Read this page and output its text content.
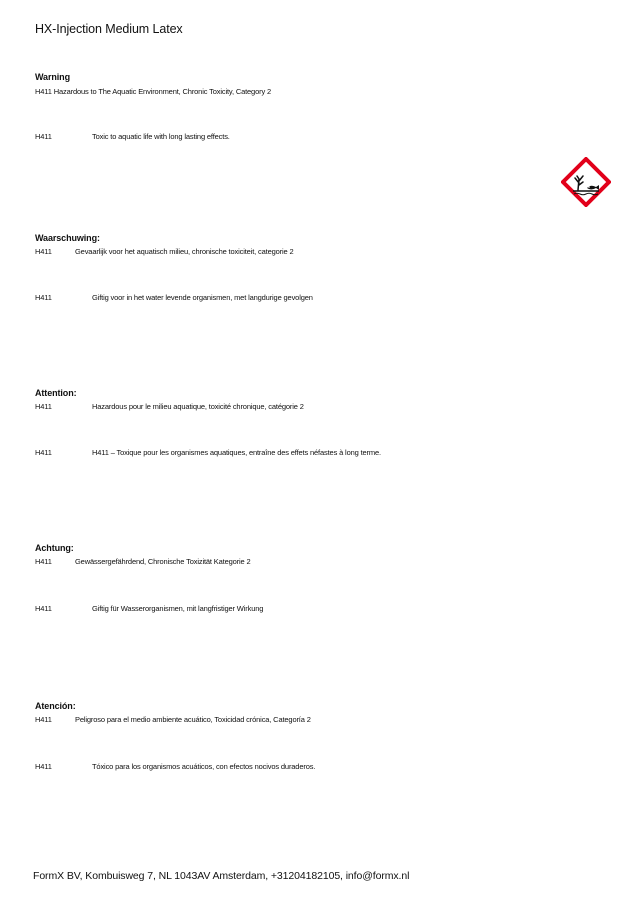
HX-Injection Medium Latex
Warning
H411 Hazardous to The Aquatic Environment, Chronic Toxicity, Category 2
H411	Toxic to aquatic life with long lasting effects.
Waarschuwing:
H411	Gevaarlijk voor het aquatisch milieu, chronische toxiciteit, categorie 2
H411	Giftig voor in het water levende organismen, met langdurige gevolgen
Attention:
H411	Hazardous pour le milieu aquatique, toxicité chronique, catégorie 2
H411	H411 – Toxique pour les organismes aquatiques, entraîne des effets néfastes à long terme.
Achtung:
H411	Gewässergefährdend, Chronische Toxizität Kategorie 2
H411	Giftig für Wasserorganismen, mit langfristiger Wirkung
Atención:
H411	Peligroso para el medio ambiente acuático, Toxicidad crónica, Categoría 2
H411	Tóxico para los organismos acuáticos, con efectos nocivos duraderos.
FormX BV, Kombuisweg 7, NL 1043AV Amsterdam, +31204182105, info@formx.nl
